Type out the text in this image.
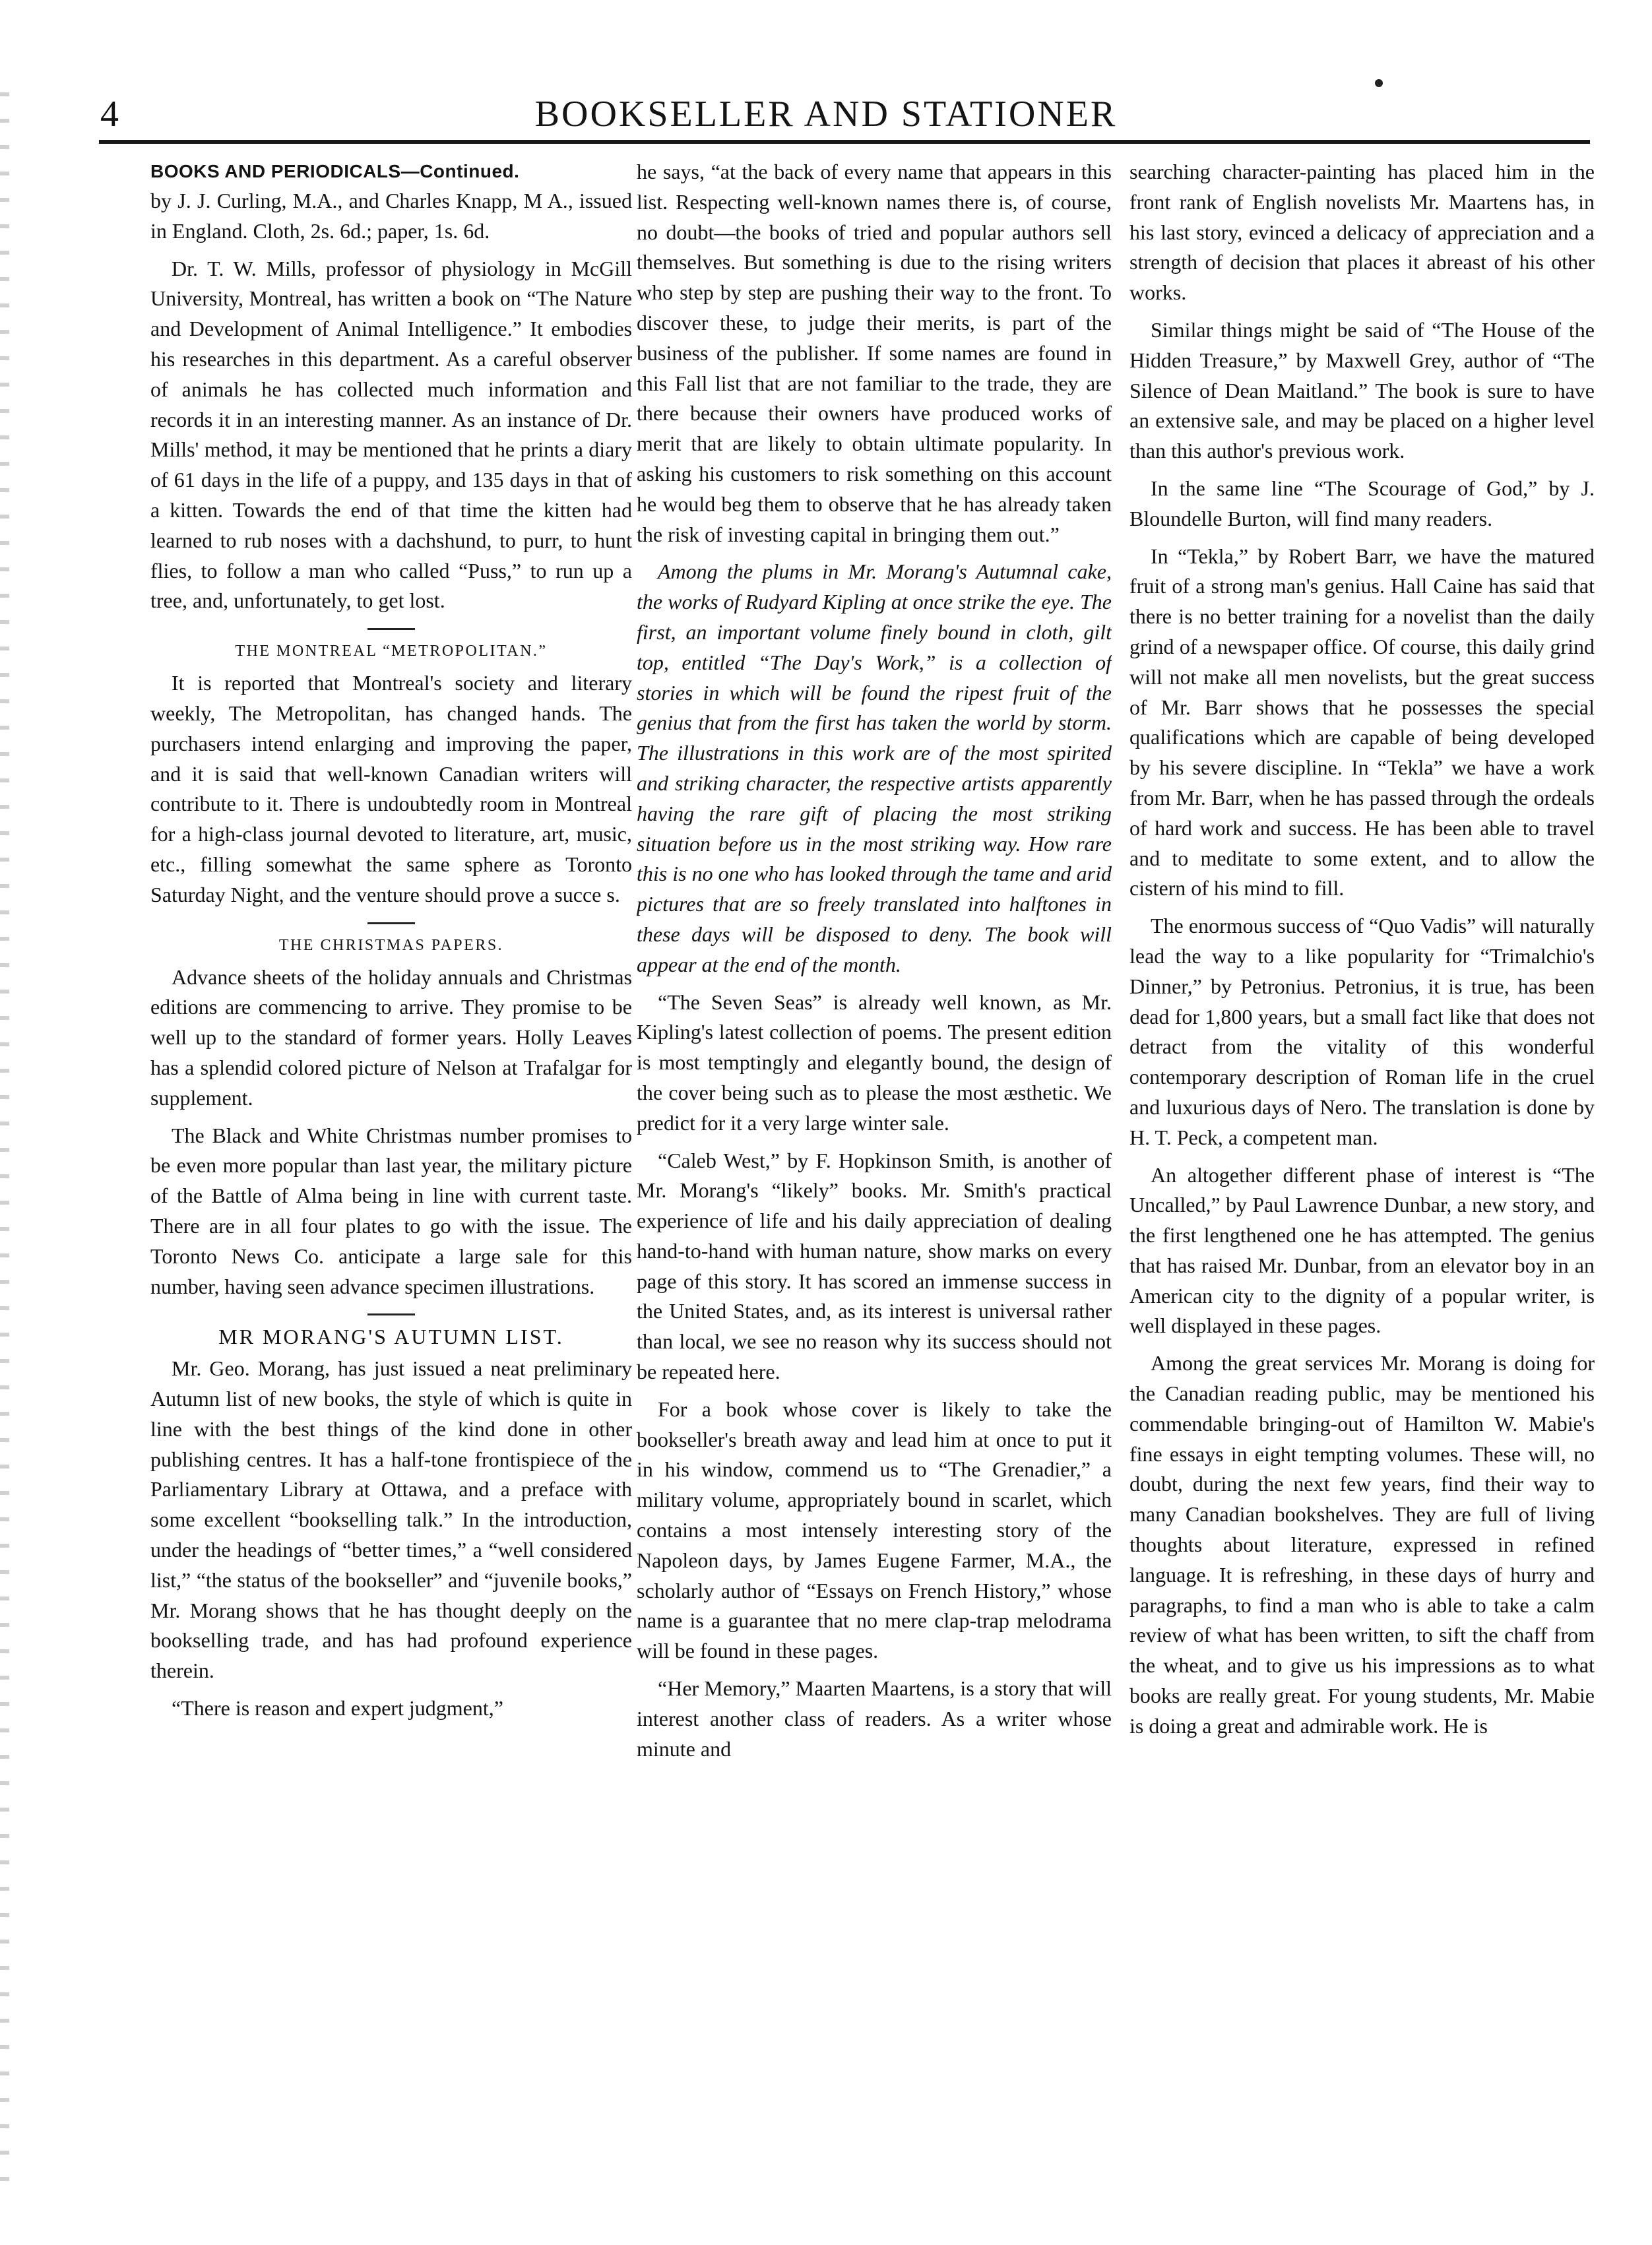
4	BOOKSELLER AND STATIONER
BOOKS AND PERIODICALS—Continued.

by J. J. Curling, M.A., and Charles Knapp, M A., issued in England. Cloth, 2s. 6d.; paper, 1s. 6d.

Dr. T. W. Mills, professor of physiology in McGill University, Montreal, has written a book on “The Nature and Development of Animal Intelligence.” It embodies his researches in this department. As a careful observer of animals he has collected much information and records it in an interesting manner. As an instance of Dr. Mills' method, it may be mentioned that he prints a diary of 61 days in the life of a puppy, and 135 days in that of a kitten. Towards the end of that time the kitten had learned to rub noses with a dachshund, to purr, to hunt flies, to follow a man who called “Puss,” to run up a tree, and, unfortunately, to get lost.

THE MONTREAL “METROPOLITAN.”

It is reported that Montreal's society and literary weekly, The Metropolitan, has changed hands. The purchasers intend enlarging and improving the paper, and it is said that well-known Canadian writers will contribute to it. There is undoubtedly room in Montreal for a high-class journal devoted to literature, art, music, etc., filling somewhat the same sphere as Toronto Saturday Night, and the venture should prove a succe s.

THE CHRISTMAS PAPERS.

Advance sheets of the holiday annuals and Christmas editions are commencing to arrive. They promise to be well up to the standard of former years. Holly Leaves has a splendid colored picture of Nelson at Trafalgar for supplement.

The Black and White Christmas number promises to be even more popular than last year, the military picture of the Battle of Alma being in line with current taste. There are in all four plates to go with the issue. The Toronto News Co. anticipate a large sale for this number, having seen advance specimen illustrations.

MR MORANG'S AUTUMN LIST.

Mr. Geo. Morang, has just issued a neat preliminary Autumn list of new books, the style of which is quite in line with the best things of the kind done in other publishing centres. It has a half-tone frontispiece of the Parliamentary Library at Ottawa, and a preface with some excellent “bookselling talk.” In the introduction, under the headings of “better times,” a “well considered list,” “the status of the bookseller” and “juvenile books,” Mr. Morang shows that he has thought deeply on the bookselling trade, and has had profound experience therein.

“There is reason and expert judgment,”

he says, “at the back of every name that appears in this list. Respecting well-known names there is, of course, no doubt—the books of tried and popular authors sell themselves. But something is due to the rising writers who step by step are pushing their way to the front. To discover these, to judge their merits, is part of the business of the publisher. If some names are found in this Fall list that are not familiar to the trade, they are there because their owners have produced works of merit that are likely to obtain ultimate popularity. In asking his customers to risk something on this account he would beg them to observe that he has already taken the risk of investing capital in bringing them out.”

Among the plums in Mr. Morang's Autumnal cake, the works of Rudyard Kipling at once strike the eye. The first, an important volume finely bound in cloth, gilt top, entitled “The Day's Work,” is a collection of stories in which will be found the ripest fruit of the genius that from the first has taken the world by storm. The illustrations in this work are of the most spirited and striking character, the respective artists apparently having the rare gift of placing the most striking situation before us in the most striking way. How rare this is no one who has looked through the tame and arid pictures that are so freely translated into halftones in these days will be disposed to deny. The book will appear at the end of the month.

“The Seven Seas” is already well known, as Mr. Kipling's latest collection of poems. The present edition is most temptingly and elegantly bound, the design of the cover being such as to please the most æsthetic. We predict for it a very large winter sale.

“Caleb West,” by F. Hopkinson Smith, is another of Mr. Morang's “likely” books. Mr. Smith's practical experience of life and his daily appreciation of dealing hand-to-hand with human nature, show marks on every page of this story. It has scored an immense success in the United States, and, as its interest is universal rather than local, we see no reason why its success should not be repeated here.

For a book whose cover is likely to take the bookseller's breath away and lead him at once to put it in his window, commend us to “The Grenadier,” a military volume, appropriately bound in scarlet, which contains a most intensely interesting story of the Napoleon days, by James Eugene Farmer, M.A., the scholarly author of “Essays on French History,” whose name is a guarantee that no mere clap-trap melodrama will be found in these pages.

“Her Memory,” Maarten Maartens, is a story that will interest another class of readers. As a writer whose minute and

searching character-painting has placed him in the front rank of English novelists Mr. Maartens has, in his last story, evinced a delicacy of appreciation and a strength of decision that places it abreast of his other works.

Similar things might be said of “The House of the Hidden Treasure,” by Maxwell Grey, author of “The Silence of Dean Maitland.” The book is sure to have an extensive sale, and may be placed on a higher level than this author's previous work.

In the same line “The Scourage of God,” by J. Bloundelle Burton, will find many readers.

In “Tekla,” by Robert Barr, we have the matured fruit of a strong man's genius. Hall Caine has said that there is no better training for a novelist than the daily grind of a newspaper office. Of course, this daily grind will not make all men novelists, but the great success of Mr. Barr shows that he possesses the special qualifications which are capable of being developed by his severe discipline. In “Tekla” we have a work from Mr. Barr, when he has passed through the ordeals of hard work and success. He has been able to travel and to meditate to some extent, and to allow the cistern of his mind to fill.

The enormous success of “Quo Vadis” will naturally lead the way to a like popularity for “Trimalchio's Dinner,” by Petronius. Petronius, it is true, has been dead for 1,800 years, but a small fact like that does not detract from the vitality of this wonderful contemporary description of Roman life in the cruel and luxurious days of Nero. The translation is done by H. T. Peck, a competent man.

An altogether different phase of interest is “The Uncalled,” by Paul Lawrence Dunbar, a new story, and the first lengthened one he has attempted. The genius that has raised Mr. Dunbar, from an elevator boy in an American city to the dignity of a popular writer, is well displayed in these pages.

Among the great services Mr. Morang is doing for the Canadian reading public, may be mentioned his commendable bringing-out of Hamilton W. Mabie's fine essays in eight tempting volumes. These will, no doubt, during the next few years, find their way to many Canadian bookshelves. They are full of living thoughts about literature, expressed in refined language. It is refreshing, in these days of hurry and paragraphs, to find a man who is able to take a calm review of what has been written, to sift the chaff from the wheat, and to give us his impressions as to what books are really great. For young students, Mr. Mabie is doing a great and admirable work. He is
